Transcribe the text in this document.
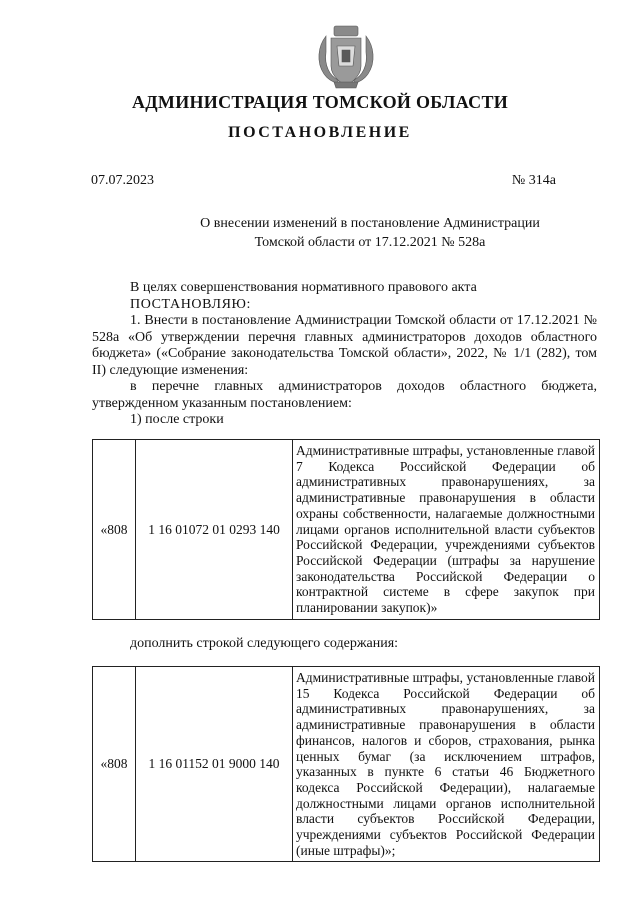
АДМИНИСТРАЦИЯ ТОМСКОЙ ОБЛАСТИ
ПОСТАНОВЛЕНИЕ
07.07.2023	№ 314а
О внесении изменений в постановление Администрации
Томской области от 17.12.2021 № 528а

В целях совершенствования нормативного правового акта

ПОСТАНОВЛЯЮ:

1. Внести в постановление Администрации Томской области от 17.12.2021 № 528а «Об утверждении перечня главных администраторов доходов областного бюджета» («Собрание законодательства Томской области», 2022, № 1/1 (282), том II) следующие изменения:

в перечне главных администраторов доходов областного бюджета, утвержденном указанным постановлением:

1) после строки

«808	1 16 01072 01 0293 140	Административные штрафы, установленные главой 7 Кодекса Российской Федерации об административных правонарушениях, за административные правонарушения в области охраны собственности, налагаемые должностными лицами органов исполнительной власти субъектов Российской Федерации, учреждениями субъектов Российской Федерации (штрафы за нарушение законодательства Российской Федерации о контрактной системе в сфере закупок при планировании закупок)»
дополнить строкой следующего содержания:
«808	1 16 01152 01 9000 140	Административные штрафы, установленные главой 15 Кодекса Российской Федерации об административных правонарушениях, за административные правонарушения в области финансов, налогов и сборов, страхования, рынка ценных бумаг (за исключением штрафов, указанных в пункте 6 статьи 46 Бюджетного кодекса Российской Федерации), налагаемые должностными лицами органов исполнительной власти субъектов Российской Федерации, учреждениями субъектов Российской Федерации (иные штрафы)»;
